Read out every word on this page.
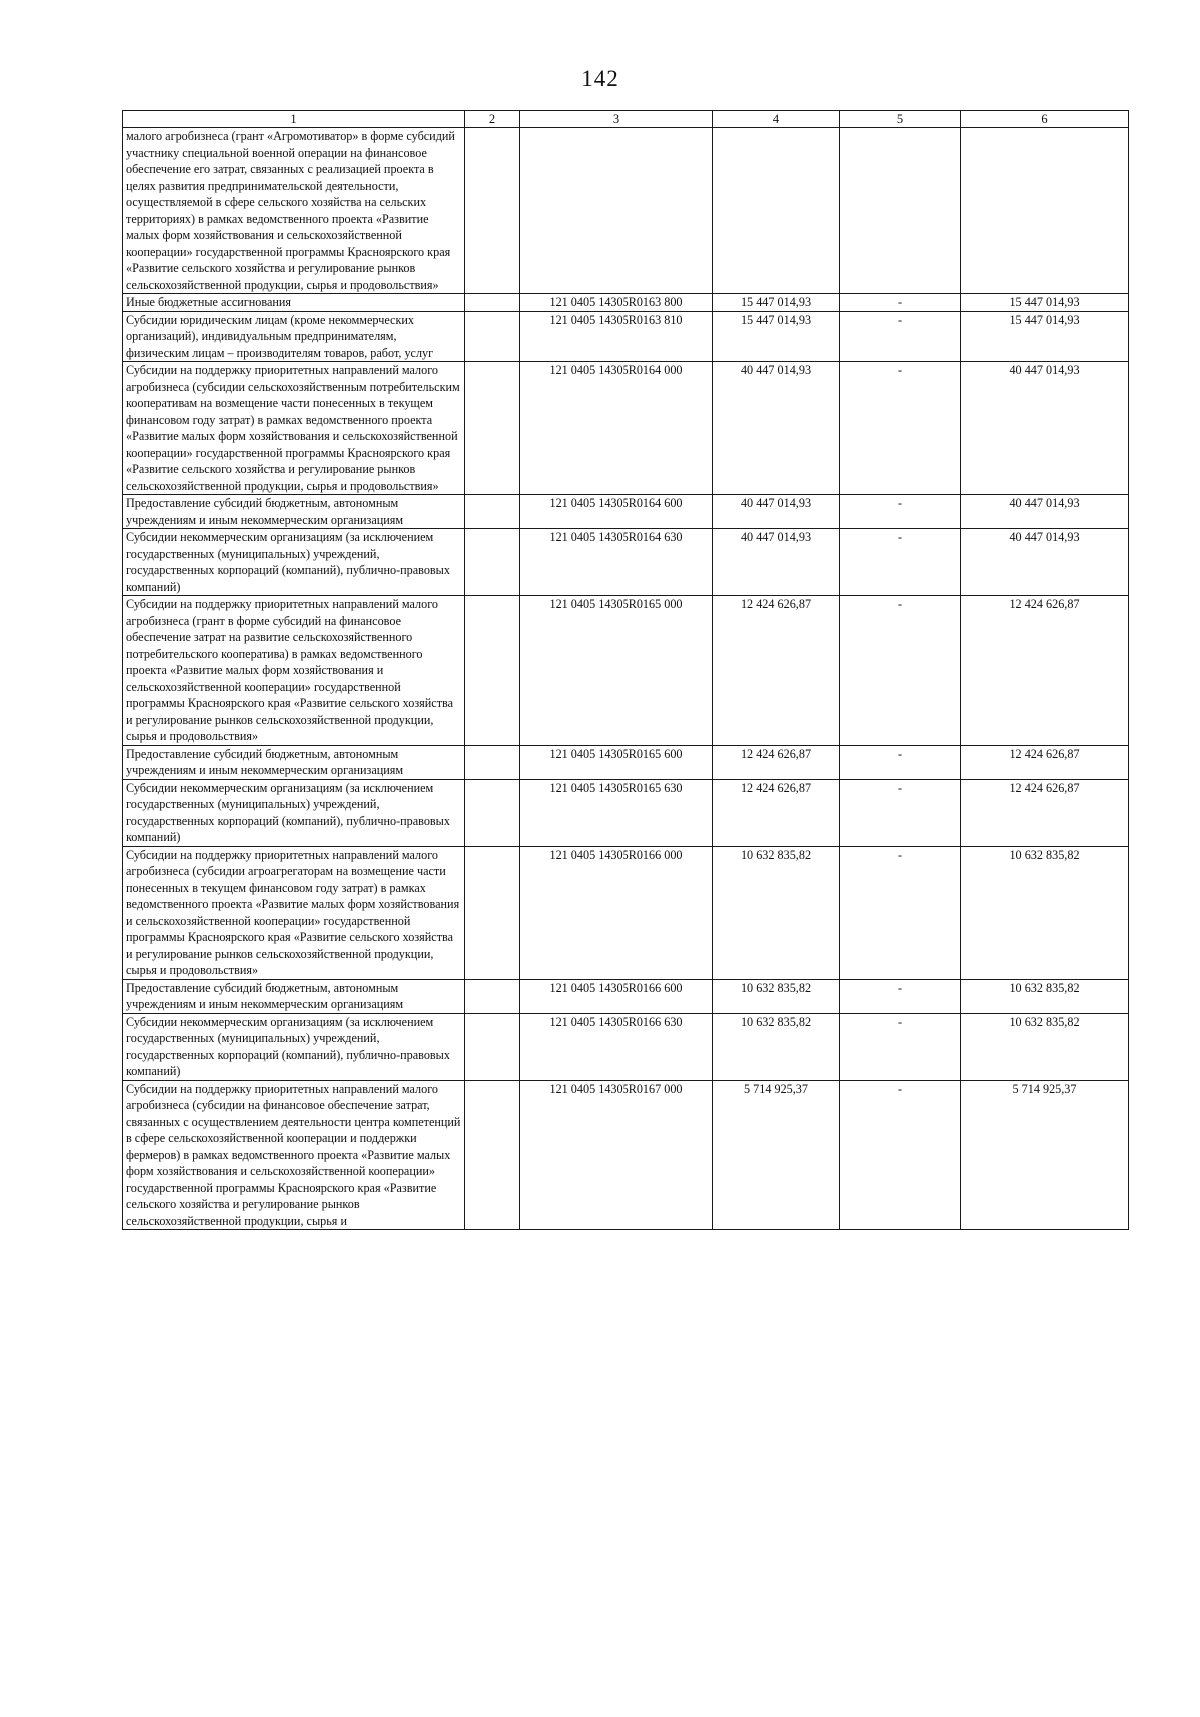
142
1	2	3	4	5	6
малого агробизнеса (грант «Агромотиватор» в форме субсидий участнику специальной военной операции на финансовое обеспечение его затрат, связанных с реализацией проекта в целях развития предпринимательской деятельности, осуществляемой в сфере сельского хозяйства на сельских территориях) в рамках ведомственного проекта «Развитие малых форм хозяйствования и сельскохозяйственной кооперации» государственной программы Красноярского края «Развитие сельского хозяйства и регулирование рынков сельскохозяйственной продукции, сырья и продовольствия»					
Иные бюджетные ассигнования		121 0405 14305R0163 800	15 447 014,93	-	15 447 014,93
Субсидии юридическим лицам (кроме некоммерческих организаций), индивидуальным предпринимателям, физическим лицам – производителям товаров, работ, услуг		121 0405 14305R0163 810	15 447 014,93	-	15 447 014,93
Субсидии на поддержку приоритетных направлений малого агробизнеса (субсидии сельскохозяйственным потребительским кооперативам на возмещение части понесенных в текущем финансовом году затрат) в рамках ведомственного проекта «Развитие малых форм хозяйствования и сельскохозяйственной кооперации» государственной программы Красноярского края «Развитие сельского хозяйства и регулирование рынков сельскохозяйственной продукции, сырья и продовольствия»		121 0405 14305R0164 000	40 447 014,93	-	40 447 014,93
Предоставление субсидий бюджетным, автономным учреждениям и иным некоммерческим организациям		121 0405 14305R0164 600	40 447 014,93	-	40 447 014,93
Субсидии некоммерческим организациям (за исключением государственных (муниципальных) учреждений, государственных корпораций (компаний), публично-правовых компаний)		121 0405 14305R0164 630	40 447 014,93	-	40 447 014,93
Субсидии на поддержку приоритетных направлений малого агробизнеса (грант в форме субсидий на финансовое обеспечение затрат на развитие сельскохозяйственного потребительского кооператива) в рамках ведомственного проекта «Развитие малых форм хозяйствования и сельскохозяйственной кооперации» государственной программы Красноярского края «Развитие сельского хозяйства и регулирование рынков сельскохозяйственной продукции, сырья и продовольствия»		121 0405 14305R0165 000	12 424 626,87	-	12 424 626,87
Предоставление субсидий бюджетным, автономным учреждениям и иным некоммерческим организациям		121 0405 14305R0165 600	12 424 626,87	-	12 424 626,87
Субсидии некоммерческим организациям (за исключением государственных (муниципальных) учреждений, государственных корпораций (компаний), публично-правовых компаний)		121 0405 14305R0165 630	12 424 626,87	-	12 424 626,87
Субсидии на поддержку приоритетных направлений малого агробизнеса (субсидии агроагрегаторам на возмещение части понесенных в текущем финансовом году затрат) в рамках ведомственного проекта «Развитие малых форм хозяйствования и сельскохозяйственной кооперации» государственной программы Красноярского края «Развитие сельского хозяйства и регулирование рынков сельскохозяйственной продукции, сырья и продовольствия»		121 0405 14305R0166 000	10 632 835,82	-	10 632 835,82
Предоставление субсидий бюджетным, автономным учреждениям и иным некоммерческим организациям		121 0405 14305R0166 600	10 632 835,82	-	10 632 835,82
Субсидии некоммерческим организациям (за исключением государственных (муниципальных) учреждений, государственных корпораций (компаний), публично-правовых компаний)		121 0405 14305R0166 630	10 632 835,82	-	10 632 835,82
Субсидии на поддержку приоритетных направлений малого агробизнеса (субсидии на финансовое обеспечение затрат, связанных с осуществлением деятельности центра компетенций в сфере сельскохозяйственной кооперации и поддержки фермеров) в рамках ведомственного проекта «Развитие малых форм хозяйствования и сельскохозяйственной кооперации» государственной программы Красноярского края «Развитие сельского хозяйства и регулирование рынков сельскохозяйственной продукции, сырья и		121 0405 14305R0167 000	5 714 925,37	-	5 714 925,37
